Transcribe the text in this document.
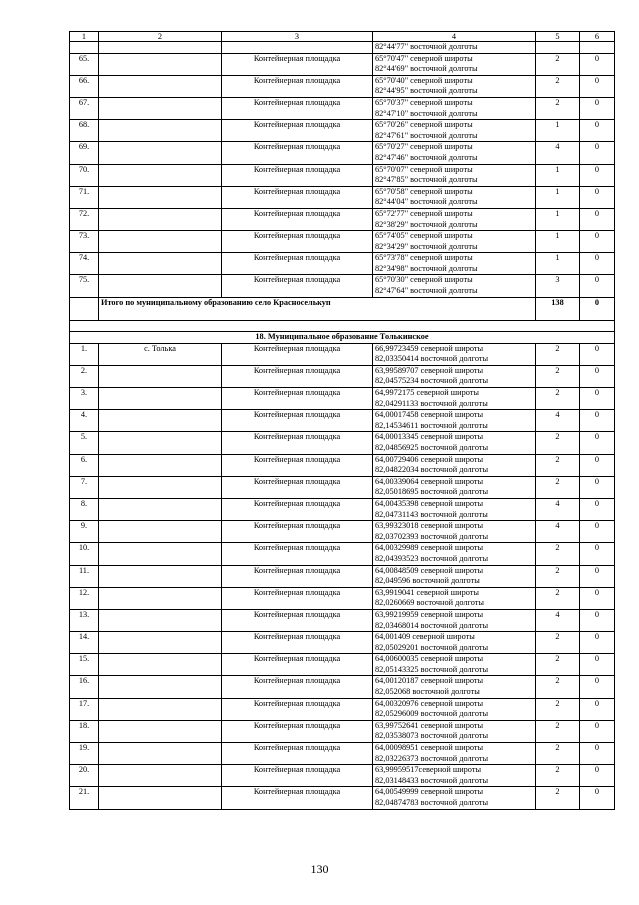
1	2	3	4	5	6
			82°44'77" восточной долготы		
65.		Контейнерная площадка	65°70'47" северной широты
82°44'69" восточной долготы	2	0
66.		Контейнерная площадка	65°70'40" северной широты
82°44'95" восточной долготы	2	0
67.		Контейнерная площадка	65°70'37" северной широты
82°47'10" восточной долготы	2	0
68.		Контейнерная площадка	65°70'26" северной широты
82°47'61" восточной долготы	1	0
69.		Контейнерная площадка	65°70'27" северной широты
82°47'46" восточной долготы	4	0
70.		Контейнерная площадка	65°70'07" северной широты
82°47'85" восточной долготы	1	0
71.		Контейнерная площадка	65°70'58" северной широты
82°44'04" восточной долготы	1	0
72.		Контейнерная площадка	65°72'77" северной широты
82°38'29" восточной долготы	1	0
73.		Контейнерная площадка	65°74'05" северной широты
82°34'29" восточной долготы	1	0
74.		Контейнерная площадка	65°73'78" северной широты
82°34'98" восточной долготы	1	0
75.		Контейнерная площадка	65°70'30" северной широты
82°47'64" восточной долготы	3	0
	Итого по муниципальному образованию село Красноселькуп			138	0

18. Муниципальное образование Толькинское					
1.	с. Толька	Контейнерная площадка	66,99723459 северной широты
82,03350414 восточной долготы	2	0
2.		Контейнерная площадка	63,99589707 северной широты
82,04575234 восточной долготы	2	0
3.		Контейнерная площадка	64,9972175 северной широты
82,04291133 восточной долготы	2	0
4.		Контейнерная площадка	64,00017458 северной широты
82,14534611 восточной долготы	4	0
5.		Контейнерная площадка	64,00013345 северной широты
82,04856925 восточной долготы	2	0
6.		Контейнерная площадка	64,00729406 северной широты
82,04822034 восточной долготы	2	0
7.		Контейнерная площадка	64,00339064 северной широты
82,05018695 восточной долготы	2	0
8.		Контейнерная площадка	64,00435398 северной широты
82,04731143 восточной долготы	4	0
9.		Контейнерная площадка	63,99323018 северной широты
82,03702393 восточной долготы	4	0
10.		Контейнерная площадка	64,00329989 северной широты
82,04393523 восточной долготы	2	0
11.		Контейнерная площадка	64,00848509 северной широты
82,049596 восточной долготы	2	0
12.		Контейнерная площадка	63,9919041 северной широты
82,0260669 восточной долготы	2	0
13.		Контейнерная площадка	63,99219959 северной широты
82,03468014 восточной долготы	4	0
14.		Контейнерная площадка	64,001409 северной широты
82,05029201 восточной долготы	2	0
15.		Контейнерная площадка	64,00600035 северной широты
82,05143325 восточной долготы	2	0
16.		Контейнерная площадка	64,00120187 северной широты
82,052068 восточной долготы	2	0
17.		Контейнерная площадка	64,00320976 северной широты
82,05296009 восточной долготы	2	0
18.		Контейнерная площадка	63,99752641 северной широты
82,03538073 восточной долготы	2	0
19.		Контейнерная площадка	64,00098951 северной широты
82,03226373 восточной долготы	2	0
20.		Контейнерная площадка	63,99959517северной широты
82,03148433 восточной долготы	2	0
21.		Контейнерная площадка	64,00549999 северной широты
82,04874783 восточной долготы	2	0
130
